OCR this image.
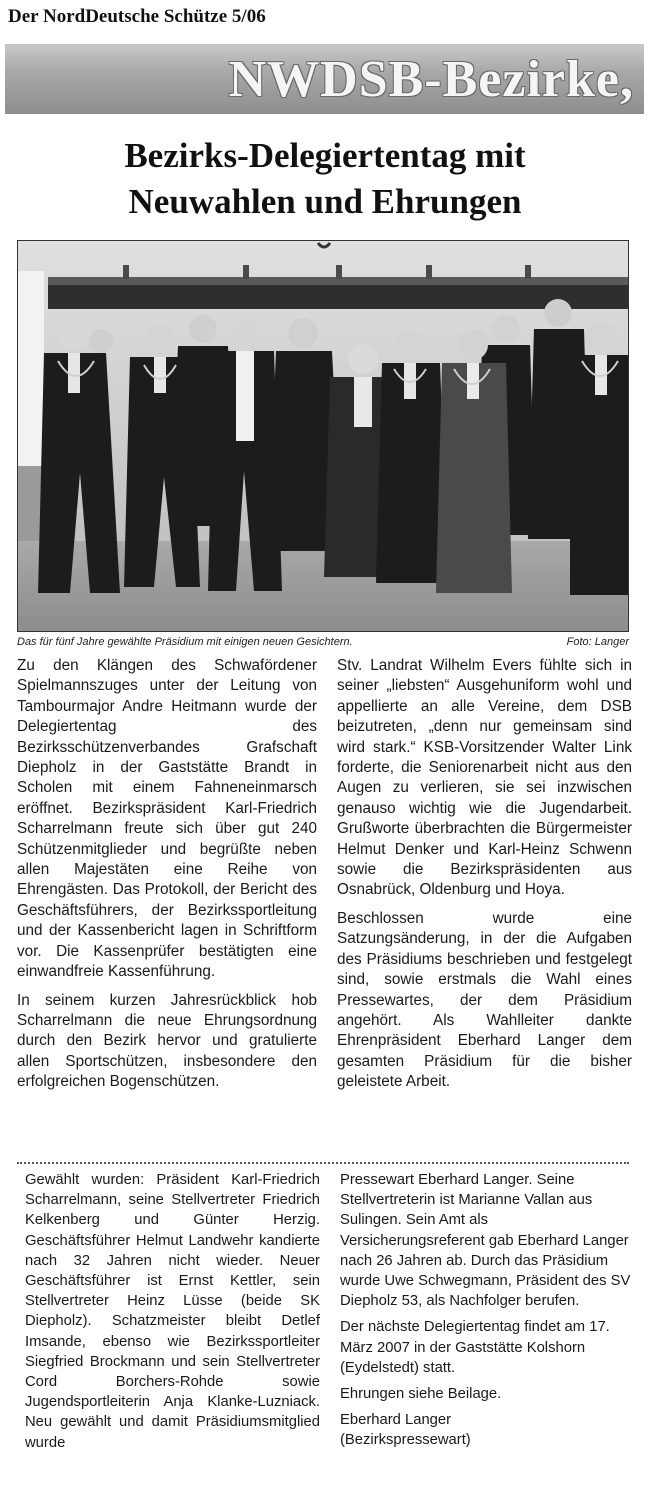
Der NordDeutsche Schütze 5/06
NWDSB-Bezirke,
Bezirks-Delegiertentag mit
Neuwahlen und Ehrungen
Das für fünf Jahre gewählte Präsidium mit einigen neuen Gesichtern.	Foto: Langer

Zu den Klängen des Schwafördener Spielmannszuges unter der Leitung von Tambourmajor Andre Heitmann wurde der Delegiertentag des Bezirksschützenverbandes Grafschaft Diepholz in der Gaststätte Brandt in Scholen mit einem Fahneneinmarsch eröffnet. Bezirkspräsident Karl-Friedrich Scharrelmann freute sich über gut 240 Schützenmitglieder und begrüßte neben allen Majestäten eine Reihe von Ehrengästen. Das Protokoll, der Bericht des Geschäftsführers, der Bezirkssportleitung und der Kassenbericht lagen in Schriftform vor. Die Kassenprüfer bestätigten eine einwandfreie Kassenführung.

In seinem kurzen Jahresrückblick hob Scharrelmann die neue Ehrungsordnung durch den Bezirk hervor und gratulierte allen Sportschützen, insbesondere den erfolgreichen Bogenschützen.

Stv. Landrat Wilhelm Evers fühlte sich in seiner „liebsten“ Ausgehuniform wohl und appellierte an alle Vereine, dem DSB beizutreten, „denn nur gemeinsam sind wird stark.“ KSB-Vorsitzender Walter Link forderte, die Seniorenarbeit nicht aus den Augen zu verlieren, sie sei inzwischen genauso wichtig wie die Jugendarbeit. Grußworte überbrachten die Bürgermeister Helmut Denker und Karl-Heinz Schwenn sowie die Bezirkspräsidenten aus Osnabrück, Oldenburg und Hoya.

Beschlossen wurde eine Satzungsänderung, in der die Aufgaben des Präsidiums beschrieben und festgelegt sind, sowie erstmals die Wahl eines Pressewartes, der dem Präsidium angehört. Als Wahlleiter dankte Ehrenpräsident Eberhard Langer dem gesamten Präsidium für die bisher geleistete Arbeit.

Gewählt wurden: Präsident Karl-Friedrich Scharrelmann, seine Stellvertreter Friedrich Kelkenberg und Günter Herzig. Geschäftsführer Helmut Landwehr kandierte nach 32 Jahren nicht wieder. Neuer Geschäftsführer ist Ernst Kettler, sein Stellvertreter Heinz Lüsse (beide SK Diepholz). Schatzmeister bleibt Detlef Imsande, ebenso wie Bezirkssportleiter Siegfried Brockmann und sein Stellvertreter Cord Borchers-Rohde sowie Jugendsportleiterin Anja Klanke-Luzniack. Neu gewählt und damit Präsidiumsmitglied wurde

Pressewart Eberhard Langer. Seine Stellvertreterin ist Marianne Vallan aus Sulingen. Sein Amt als Versicherungsreferent gab Eberhard Langer nach 26 Jahren ab. Durch das Präsidium wurde Uwe Schwegmann, Präsident des SV Diepholz 53, als Nachfolger berufen.

Der nächste Delegiertentag findet am 17. März 2007 in der Gaststätte Kolshorn (Eydelstedt) statt.

Ehrungen siehe Beilage.

Eberhard Langer
(Bezirkspressewart)
